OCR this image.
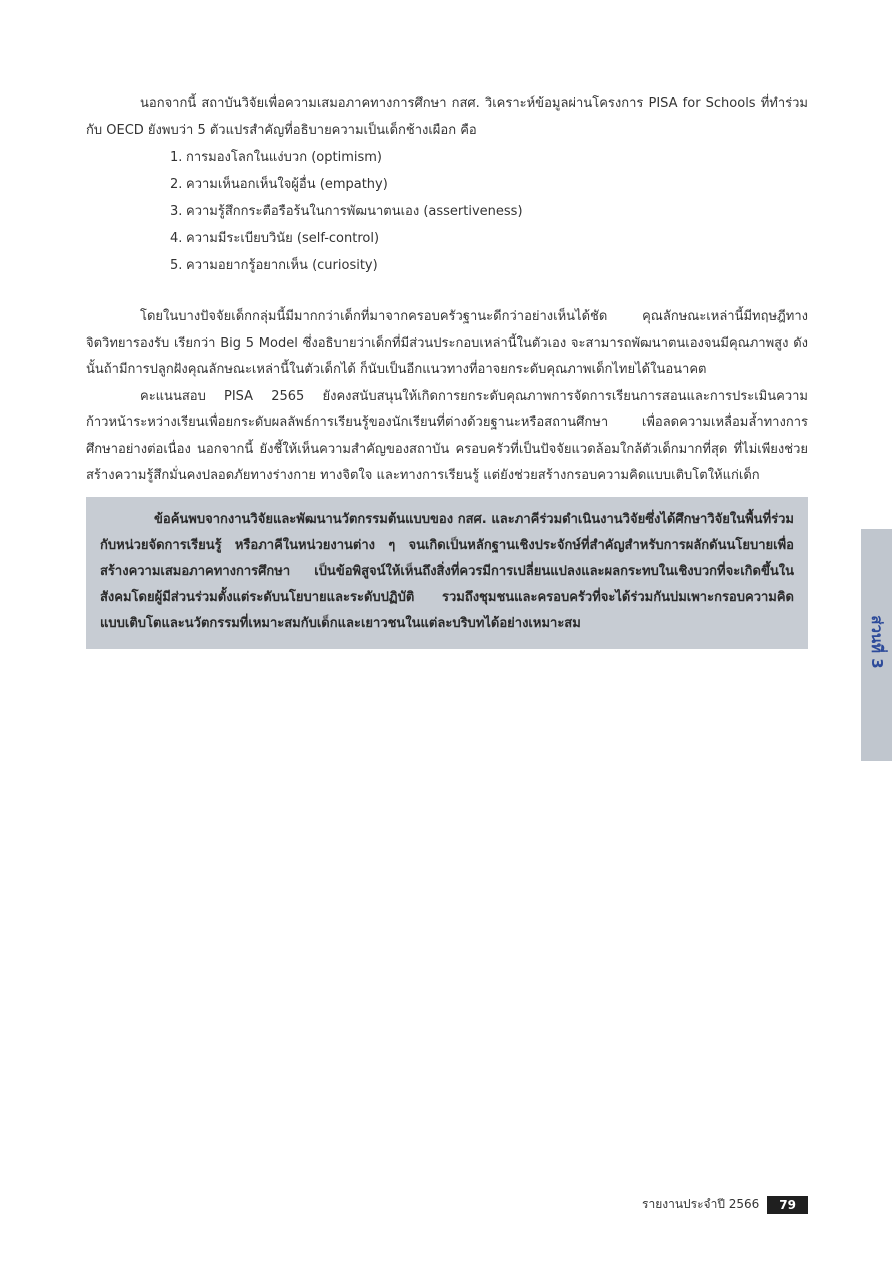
นอกจากนี้ สถาบันวิจัยเพื่อความเสมอภาคทางการศึกษา กสศ. วิเคราะห์ข้อมูลผ่านโครงการ PISA for Schools ที่ทำร่วมกับ OECD ยังพบว่า 5 ตัวแปรสำคัญที่อธิบายความเป็นเด็กช้างเผือก คือ

1. การมองโลกในแง่บวก (optimism)
2. ความเห็นอกเห็นใจผู้อื่น (empathy)
3. ความรู้สึกกระตือรือร้นในการพัฒนาตนเอง (assertiveness)
4. ความมีระเบียบวินัย (self-control)
5. ความอยากรู้อยากเห็น (curiosity)

โดยในบางปัจจัยเด็กกลุ่มนี้มีมากกว่าเด็กที่มาจากครอบครัวฐานะดีกว่าอย่างเห็นได้ชัด คุณลักษณะเหล่านี้มีทฤษฎีทางจิตวิทยารองรับ เรียกว่า Big 5 Model ซึ่งอธิบายว่าเด็กที่มีส่วนประกอบเหล่านี้ในตัวเอง จะสามารถพัฒนาตนเองจนมีคุณภาพสูง ดังนั้นถ้ามีการปลูกฝังคุณลักษณะเหล่านี้ในตัวเด็กได้ ก็นับเป็นอีกแนวทางที่อาจยกระดับคุณภาพเด็กไทยได้ในอนาคต

คะแนนสอบ PISA 2565 ยังคงสนับสนุนให้เกิดการยกระดับคุณภาพการจัดการเรียนการสอนและการประเมินความก้าวหน้าระหว่างเรียนเพื่อยกระดับผลลัพธ์การเรียนรู้ของนักเรียนที่ต่างด้วยฐานะหรือสถานศึกษา เพื่อลดความเหลื่อมล้ำทางการศึกษาอย่างต่อเนื่อง นอกจากนี้ ยังชี้ให้เห็นความสำคัญของสถาบัน ครอบครัวที่เป็นปัจจัยแวดล้อมใกล้ตัวเด็กมากที่สุด ที่ไม่เพียงช่วยสร้างความรู้สึกมั่นคงปลอดภัยทางร่างกาย ทางจิตใจ และทางการเรียนรู้ แต่ยังช่วยสร้างกรอบความคิดแบบเติบโตให้แก่เด็ก

ข้อค้นพบจากงานวิจัยและพัฒนานวัตกรรมต้นแบบของ กสศ. และภาคีร่วมดำเนินงานวิจัยซึ่งได้ศึกษาวิจัยในพื้นที่ร่วมกับหน่วยจัดการเรียนรู้ หรือภาคีในหน่วยงานต่าง ๆ จนเกิดเป็นหลักฐานเชิงประจักษ์ที่สำคัญสำหรับการผลักดันนโยบายเพื่อสร้างความเสมอภาคทางการศึกษา เป็นข้อพิสูจน์ให้เห็นถึงสิ่งที่ควรมีการเปลี่ยนแปลงและผลกระทบในเชิงบวกที่จะเกิดขึ้นในสังคมโดยผู้มีส่วนร่วมตั้งแต่ระดับนโยบายและระดับปฏิบัติ รวมถึงชุมชนและครอบครัวที่จะได้ร่วมกันบ่มเพาะกรอบความคิดแบบเติบโตและนวัตกรรมที่เหมาะสมกับเด็กและเยาวชนในแต่ละบริบทได้อย่างเหมาะสม	ส่วนที่ 3
รายงานประจำปี 2566	79
